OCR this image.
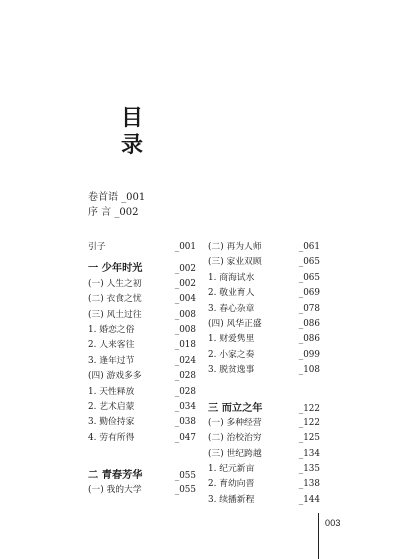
目

录

卷首语 _001
序 言 _002
引子	_001
一 少年时光	_002
(一) 人生之初	_002
(二) 衣食之忧	_004
(三) 风土过往	_008
1. 婚恋之俗	_008
2. 人来客往	_018
3. 逢年过节	_024
(四) 游戏多多	_028
1. 天性释放	_028
2. 艺术启蒙	_034
3. 勤俭持家	_038
4. 劳有所得	_047
二 青春芳华	_055
(一) 我的大学	_055
(二) 再为人师	_061
(三) 家业双顾	_065
1. 商海试水	_065
2. 敬业育人	_069
3. 春心杂章	_078
(四) 风华正盛	_086
1. 财爱隽里	_086
2. 小家之奏	_099
3. 脱贫逸事	_108
三 而立之年	_122
(一) 多种经营	_122
(二) 治校治穷	_125
(三) 世纪跨越	_134
1. 纪元新亩	_135
2. 育幼向晋	_138
3. 续播新程	_144
003
